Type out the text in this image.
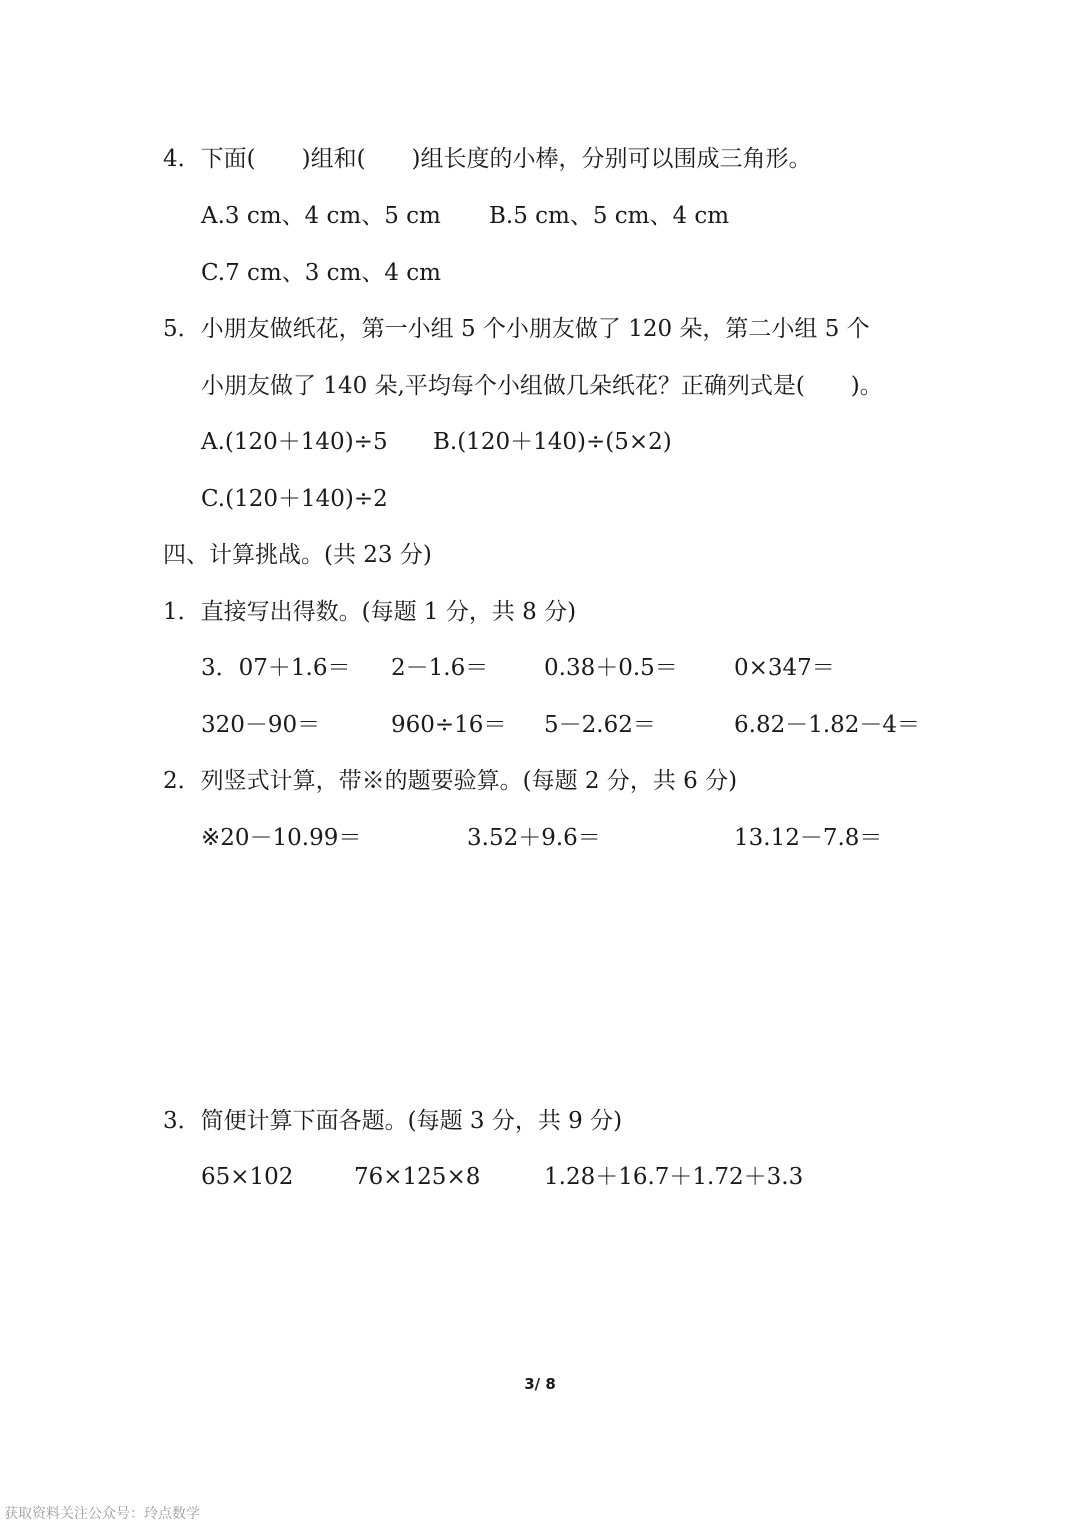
4．下面(　　)组和(　　)组长度的小棒，分别可以围成三角形。
A.3 cm、4 cm、5 cm B.5 cm、5 cm、4 cm
C.7 cm、3 cm、4 cm
5．小朋友做纸花，第一小组 5 个小朋友做了 120 朵，第二小组 5 个
小朋友做了 140 朵,平均每个小组做几朵纸花？正确列式是(　　)。
A.(120＋140)÷5 B.(120＋140)÷(5×2)
C.(120＋140)÷2
四、计算挑战。(共 23 分)
1．直接写出得数。(每题 1 分，共 8 分)
3．07＋1.6＝ 2－1.6＝ 0.38＋0.5＝ 0×347＝
320－90＝	960÷16＝ 5－2.62＝	6.82－1.82－4＝
2．列竖式计算，带※的题要验算。(每题 2 分，共 6 分)
※20－10.99＝	3.52＋9.6＝	13.12－7.8＝
3．简便计算下面各题。(每题 3 分，共 9 分)
65×102	76×125×8	1.28＋16.7＋1.72＋3.3
3/ 8
获取资料关注公众号：玲点数学
